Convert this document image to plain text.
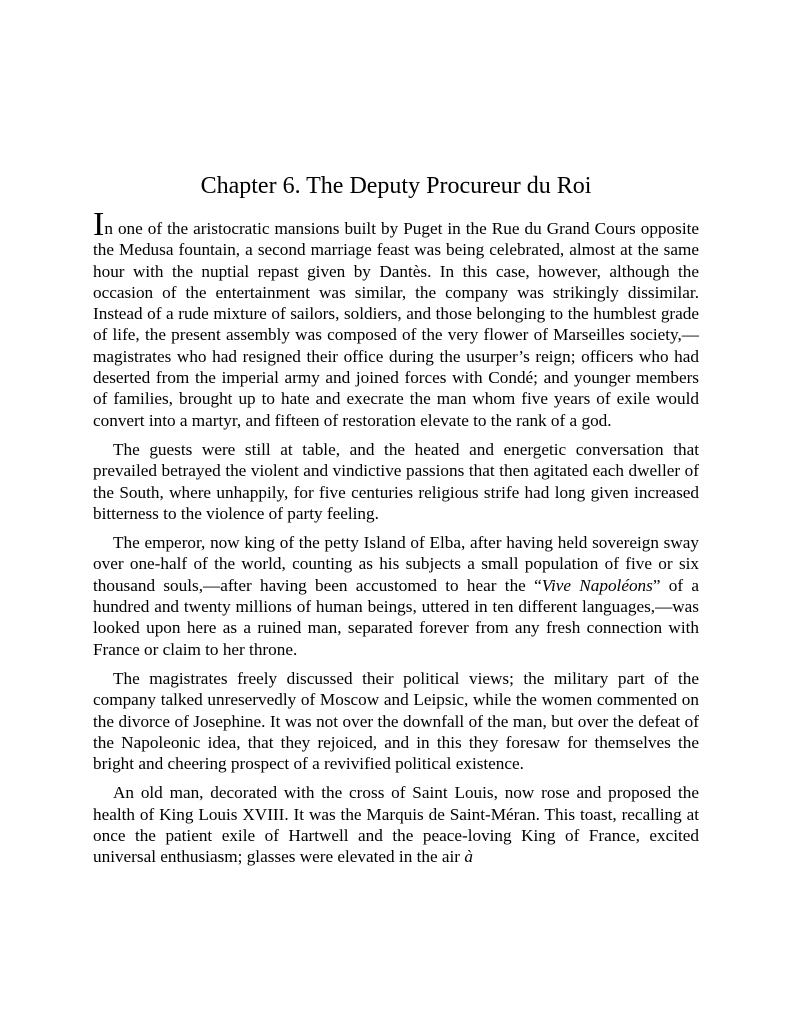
Chapter 6. The Deputy Procureur du Roi

In one of the aristocratic mansions built by Puget in the Rue du Grand Cours opposite the Medusa fountain, a second marriage feast was being celebrated, almost at the same hour with the nuptial repast given by Dantès. In this case, however, although the occasion of the entertainment was similar, the company was strikingly dissimilar. Instead of a rude mixture of sailors, soldiers, and those belonging to the humblest grade of life, the present assembly was composed of the very flower of Marseilles society,—magistrates who had resigned their office during the usurper’s reign; officers who had deserted from the imperial army and joined forces with Condé; and younger members of families, brought up to hate and execrate the man whom five years of exile would convert into a martyr, and fifteen of restoration elevate to the rank of a god.

The guests were still at table, and the heated and energetic conversation that prevailed betrayed the violent and vindictive passions that then agitated each dweller of the South, where unhappily, for five centuries religious strife had long given increased bitterness to the violence of party feeling.

The emperor, now king of the petty Island of Elba, after having held sovereign sway over one-half of the world, counting as his subjects a small population of five or six thousand souls,—after having been accustomed to hear the “Vive Napoléons” of a hundred and twenty millions of human beings, uttered in ten different languages,—was looked upon here as a ruined man, separated forever from any fresh connection with France or claim to her throne.

The magistrates freely discussed their political views; the military part of the company talked unreservedly of Moscow and Leipsic, while the women commented on the divorce of Josephine. It was not over the downfall of the man, but over the defeat of the Napoleonic idea, that they rejoiced, and in this they foresaw for themselves the bright and cheering prospect of a revivified political existence.

An old man, decorated with the cross of Saint Louis, now rose and proposed the health of King Louis XVIII. It was the Marquis de Saint-Méran. This toast, recalling at once the patient exile of Hartwell and the peace-loving King of France, excited universal enthusiasm; glasses were elevated in the air à
